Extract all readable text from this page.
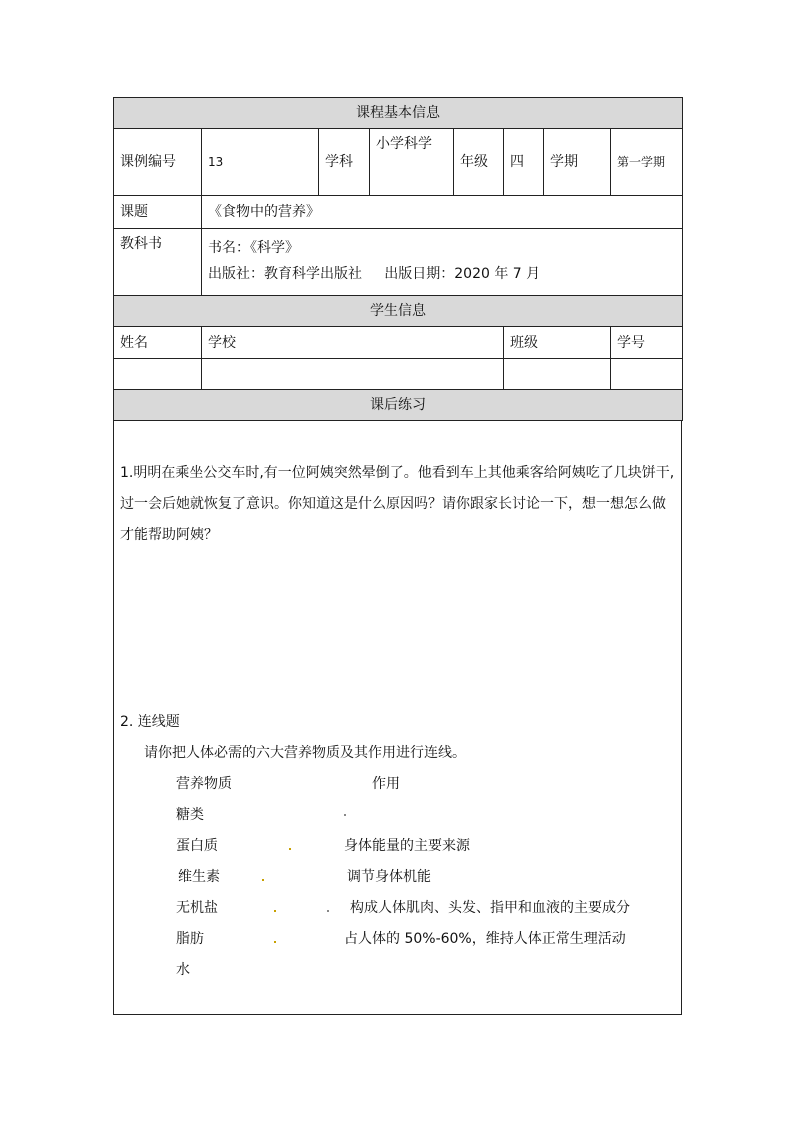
课程基本信息							
课例编号	13	学科	小学科学	年级	四	学期	第一学期
课题	《食物中的营养》						
教科书	书名：《科学》
出版社：教育科学出版社 出版日期：2020 年 7 月						

学生信息							
姓名	学校				班级		学号

课后练习							
1.明明在乘坐公交车时,有一位阿姨突然晕倒了。他看到车上其他乘客给阿姨吃了几块饼干,过一会后她就恢复了意识。你知道这是什么原因吗？请你跟家长讨论一下，想一想怎么做才能帮助阿姨？
2. 连线题
请你把人体必需的六大营养物质及其作用进行连线。
营养物质	作用
糖类
蛋白质
维生素
无机盐
脂肪
水
身体能量的主要来源
调节身体机能
构成人体肌肉、头发、指甲和血液的主要成分
占人体的 50%-60%，维持人体正常生理活动
